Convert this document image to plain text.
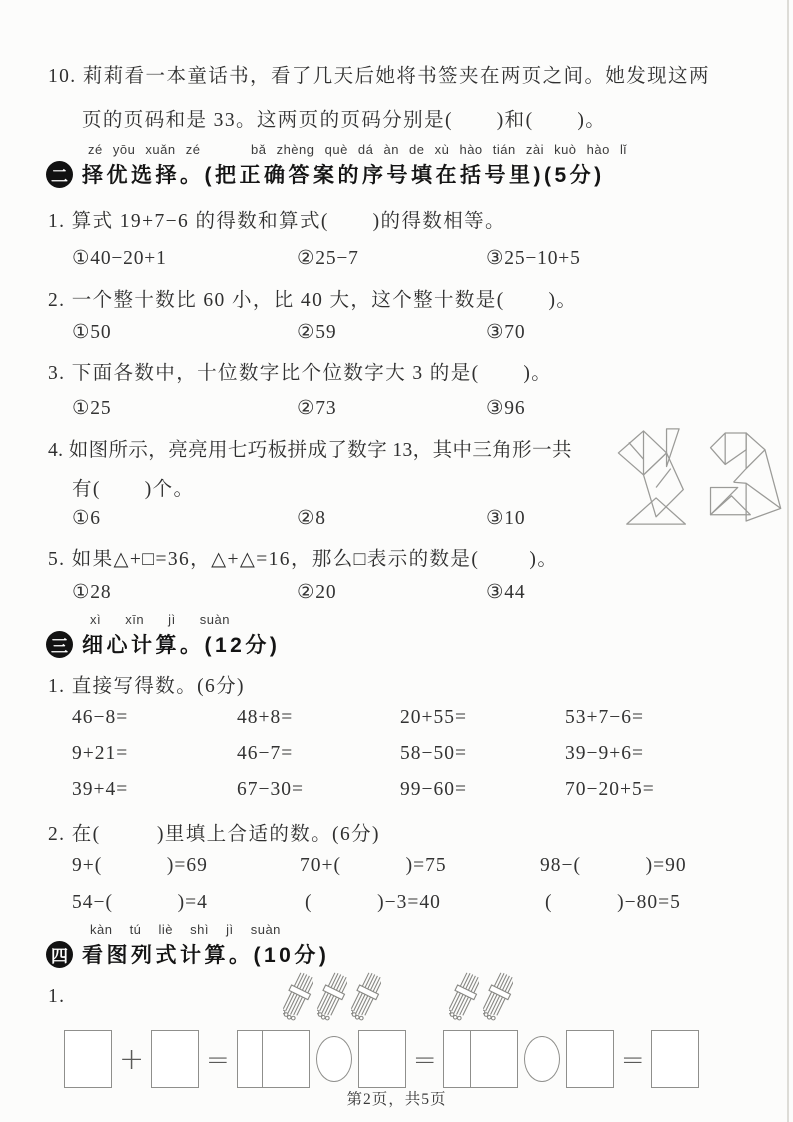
10. 莉莉看一本童话书，看了几天后她将书签夹在两页之间。她发现这两
页的页码和是 33。这两页的页码分别是(       )和(       )。
zé yōu xuǎn zé     bǎ zhèng què dá àn de xù hào tián zài kuò hào lǐ
二 择优选择。(把正确答案的序号填在括号里)(5分)
1. 算式 19+7−6 的得数和算式(       )的得数相等。
①40−20+1	②25−7	③25−10+5
2. 一个整十数比 60 小，比 40 大，这个整十数是(       )。
①50	②59	③70
3. 下面各数中，十位数字比个位数字大 3 的是(       )。
①25	②73	③96
4. 如图所示，亮亮用七巧板拼成了数字 13，其中三角形一共
有(       )个。
①6	②8	③10
5. 如果△+□=36，△+△=16，那么□表示的数是(        )。
①28	②20	③44
xì xīn jì suàn
三 细心计算。(12分)
1. 直接写得数。(6分)
46−8=	48+8=	20+55=	53+7−6=
9+21=	46−7=	58−50=	39−9+6=
39+4=	67−30=	99−60=	70−20+5=
2. 在(         )里填上合适的数。(6分)
9+(           )=69	70+(           )=75	98−(           )=90
54−(           )=4	(           )−3=40	(           )−80=5
kàn tú liè shì jì suàn
四 看图列式计算。(10分)
1.
+ =	=	=
第2页，共5页
